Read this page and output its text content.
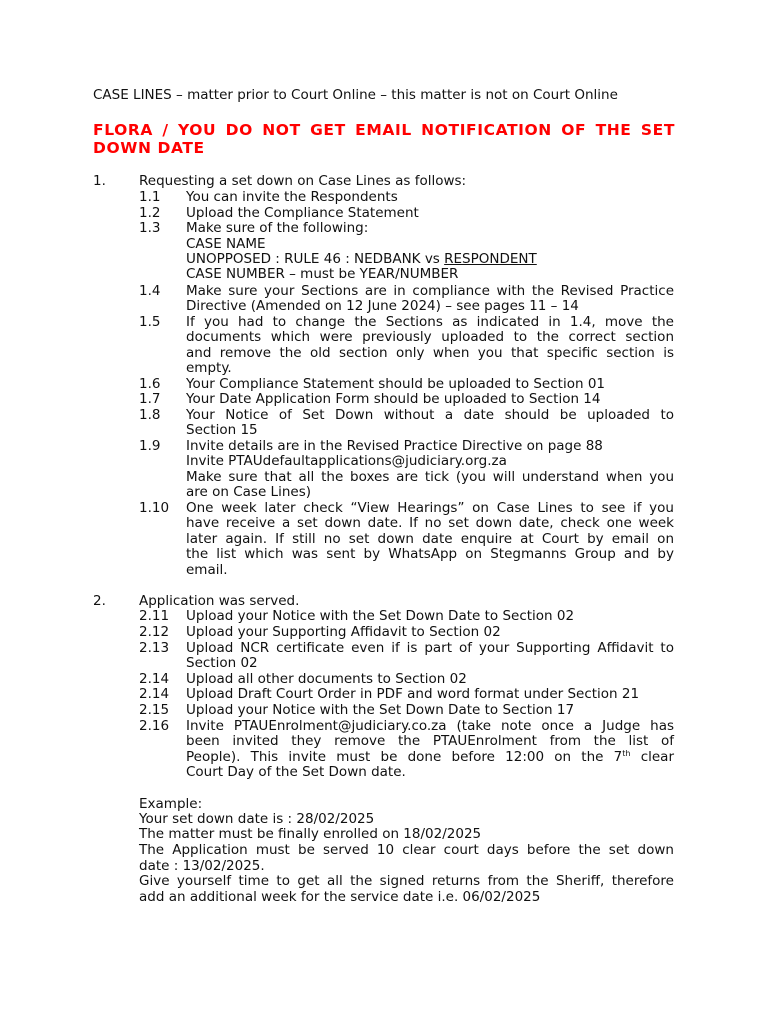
CASE LINES – matter prior to Court Online – this matter is not on Court Online
FLORA / YOU DO NOT GET EMAIL NOTIFICATION OF THE SET DOWN DATE
1. Requesting a set down on Case Lines as follows:
1.1 You can invite the Respondents
1.2 Upload the Compliance Statement
1.3 Make sure of the following:
CASE NAME
UNOPPOSED : RULE 46 : NEDBANK vs RESPONDENT
CASE NUMBER – must be YEAR/NUMBER
1.4 Make sure your Sections are in compliance with the Revised Practice
Directive (Amended on 12 June 2024) – see pages 11 – 14
1.5 If you had to change the Sections as indicated in 1.4, move the
documents which were previously uploaded to the correct section
and remove the old section only when you that specific section is
empty.
1.6 Your Compliance Statement should be uploaded to Section 01
1.7 Your Date Application Form should be uploaded to Section 14
1.8 Your Notice of Set Down without a date should be uploaded to
Section 15
1.9 Invite details are in the Revised Practice Directive on page 88
Invite PTAUdefaultapplications@judiciary.org.za
Make sure that all the boxes are tick (you will understand when you
are on Case Lines)
1.10 One week later check “View Hearings” on Case Lines to see if you
have receive a set down date. If no set down date, check one week
later again. If still no set down date enquire at Court by email on
the list which was sent by WhatsApp on Stegmanns Group and by
email.
2. Application was served.
2.11 Upload your Notice with the Set Down Date to Section 02
2.12 Upload your Supporting Affidavit to Section 02
2.13 Upload NCR certificate even if is part of your Supporting Affidavit to
Section 02
2.14 Upload all other documents to Section 02
2.14 Upload Draft Court Order in PDF and word format under Section 21
2.15 Upload your Notice with the Set Down Date to Section 17
2.16 Invite PTAUEnrolment@judiciary.co.za (take note once a Judge has
been invited they remove the PTAUEnrolment from the list of
People). This invite must be done before 12:00 on the 7th clear
Court Day of the Set Down date.
Example:
Your set down date is : 28/02/2025
The matter must be finally enrolled on 18/02/2025
The Application must be served 10 clear court days before the set down
date : 13/02/2025.
Give yourself time to get all the signed returns from the Sheriff, therefore
add an additional week for the service date i.e. 06/02/2025
